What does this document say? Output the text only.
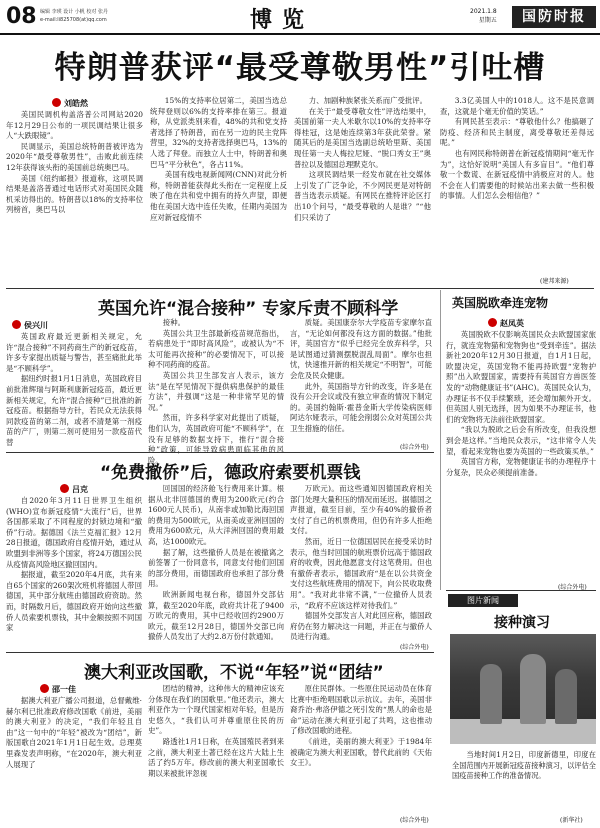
08 编辑 李瑛 设计 小帆 校对 张丹
e-mail:li825708(at)qq.com	博览	2021.1.8
星期五	国防时报
特朗普获评“最受尊敬男性”引吐槽
刘皓然

美国民调机构盖洛普公司网站2020年12月29日公布的一项民调结果让很多人“大跌眼镜”。

民调显示，美国总统特朗普被评选为2020年“最受尊敬男性”，击败此前连续12年获得该头衔的美国前总统奥巴马。

美国《纽约邮报》报道称，这项民调结果是盖洛普通过电话形式对美国民众随机采访得出的。特朗普以18%的支持率位列榜首，奥巴马以

15%的支持率位居第二，美国当选总统拜登则以6%的支持率排在第三。报道称，从党派类别来看，48%的共和党支持者选择了特朗普，而在另一边的民主党阵营里，32%的支持者选择奥巴马，13%的人选了拜登。而独立人士中，特朗普和奥巴马“平分秋色”，各占11%。

美国有线电视新闻网(CNN)对此分析称，特朗普能获得此头衔在一定程度上反映了他在共和党中拥有的持久声望，即便他在美国大选中连任失败，任期内美国为应对新冠疫情不

力、加剧种族紧张关系而广受批评。

在关于“最受尊敬女性”评选结果中，美国前第一夫人米歇尔以10%的支持率夺得桂冠，这是她连续第3年获此荣誉。紧随其后的是美国当选副总统哈里斯、美国现任第一夫人梅拉尼娅、“脱口秀女王”奥普拉以及德国总理默克尔。

这项民调结果一经发布就在社交媒体上引发了广泛争论，不少网民更是对特朗普当选表示质疑。有网民在推特评论区打出10个问号，“最受尊敬的人是谁？”“他们只采访了

3.3亿美国人中的1018人。这不是民意调查，这就是个毫无价值的笑话。”

有网民甚至表示：“尊敬他什么？他搞砸了防疫、经济和民主制度，离受尊敬还差得远呢。”

也有网民称特朗普在新冠疫情期间“毫无作为”，这恰好说明“美国人有多盲目”。“他们尊敬一个数谎、在新冠疫情中消极应对的人。他不会在人们需要他的时候站出来去做一些积极的事情。人们怎么会相信他？”

(建邦来源)
英国允许“混合接种” 专家斥责不顾科学
侯兴川

英国政府最近更新相关规定，允许“混合接种”不同药商生产的新冠疫苗，许多专家提出质疑与警告，甚至痛批此举是“不顾科学”。

据纽约时报1月1日消息，英国政府目前批准辉瑞与阿斯利康新冠疫苗，最近更新相关规定，允许“混合接种”已批准的新冠疫苗。根据指导方针，若民众无法获得同款疫苗的第二剂，或者不清楚第一剂疫苗的产厂，则第二剂可使用另一款疫苗代替

接种。

英国公共卫生部最新疫苗规范指出，若病患处于“即时高风险”，或被认为“不太可能再次接种”的必要情况下，可以接种不同药商的疫苗。

英国公共卫生部发言人表示，该方法“是在罕见情况下提供病患保护的最佳方法”，并强调“这是一种非常罕见的情况。”

然而，许多科学家对此提出了质疑，他们认为，英国政府可能“不顾科学”，在没有足够的数据支持下，推行“混合接种”政策，可能导致病患面临其他的风险。

质疑。美国康奈尔大学疫苗专家摩尔直言，“无论如何都没有这方面的数据。”他批评，英国官方“似乎已经完全放弃科学，只是试图通过猜测摆脱混乱局面”。摩尔也担忧，快速推开新的相关规定“不明智”，可能会危及民众健康。

此外，英国指导方针的改变，许多是在没有公开会议或没有独立审查的情况下制定的。美国约翰斯·霍普金斯大学传染病医师阿达尔娅表示，可能会削弱公众对英国公共卫生措施的信任。

(综合外电)
英国脱欧牵连宠物
赵凤英

英国脱欧不仅影响英国民众去欧盟国家旅行，就连宠物猫和宠物狗也“受到牵连”。据法新社2020年12月30日报道，自1月1日起，欧盟决定，英国宠物不能再持欧盟“宠物护照”出入欧盟国家，需要持有英国官方兽医签发的“动物健康证书”(AHC)。英国民众认为，办理证书不仅手续繁琐，还会增加额外开支。但英国人别无选择，因为如果不办理证书，他们的宠物将无法前往欧盟国家。

“我以为脱欧之后会有所改变，但我没想到会是这样。”当地民众表示，“这非常令人失望，看起来宠物也要为英国的一些政策买单。”

英国官方称，宠物健康证书的办理程序十分复杂，民众必须提前准备。

(综合外电)
“免费撤侨”后，德政府索要机票钱
吕克

自2020年3月11日世界卫生组织(WHO)宣布新冠疫情“大流行”后，世界各国都采取了不同程度的封锁边境和“撤侨”行动。据德国《法兰克福汇报》12月28日报道，德国政府自疫情开始，通过从欧盟到非洲等多个国家，将24万德国公民从疫情高风险地区撤回国内。

据报道，截至2020年4月底，共有来自65个国家的260架次班机将德国人带回德国，其中部分航班由德国政府资助。然而，时隔数月后，德国政府开始向这些撤侨人员索要机票钱，其中金额按照不同国家

回国国的经济舱飞行费用来计算。根据从北非回德国的费用为200欧元(约合1600元人民币)，从南非或加勒比海回国的费用为500欧元，从南美或亚洲回国的费用为600欧元，从大洋洲回国的费用最高，达1000欧元。

据了解，这些撤侨人员是在被撤离之前签署了一份同意书，同意支付他们回国的部分费用，而德国政府也承担了部分费用。

欧洲新闻电视台称，德国外交部估算，截至2020年底，政府共计花了9400万欧元的费用，其中已经收回约2900万欧元，截至12月28日，德国外交部已向撤侨人员发出了大约2.8万份付款通知。

万欧元)。而这些通知因德国政府相关部门处理大量积压的情况而延迟。据德国之声报道，截至目前，至少有40%的撤侨者支付了自己的机票费用，但仍有许多人拒绝支付。

然而，近日一位德国居民在接受采访时表示，他当时回国的航班票价远高于德国政府的收费，因此他愿意支付这笔费用。但也有撤侨者表示，德国政府“是在以公共资金支付这些航班费用的情况下，向公民收取费用”。“我对此非常不满，”一位撤侨人员表示，“政府不应该这样对待我们。”

德国外交部发言人对此回应称，德国政府仍在努力解决这一问题，并正在与撤侨人员进行沟通。

(综合外电)
澳大利亚改国歌，不说“年轻”说“团结”
邵一佳

据澳大利亚广播公司报道，总督戴维·赫尔利已批准政府修改国歌《前进，美丽的澳大利亚》的决定，“我们年轻且自由”这一句中的“年轻”被改为“团结”，新版国歌自2021年1月1日起生效。总理莫里森发表声明称，“在2020年，澳大利亚人展现了

团结的精神，这种伟大的精神应该充分体现在我们的国歌里。”他还表示，澳大利亚作为一个现代国家相对年轻，但是历史悠久，“我们认可并尊重原住民的历史”。

路透社1月1日称，在英国殖民者到来之前，澳大利亚土著已经在这片大陆上生活了约5万年。修改前的澳大利亚国歌长期以来被批评忽视

原住民群体。一些原住民运动员在体育比赛中拒绝唱国歌以示抗议。去年，美国非裔乔治·弗洛伊德之死引发的“黑人的命也是命”运动在澳大利亚引起了共鸣，这也推动了修改国歌的进程。

《前进，美丽的澳大利亚》于1984年被确定为澳大利亚国歌，替代此前的《天佑女王》。

(综合外电)
图片新闻
接种演习

当地时间1月2日，印度新德里，印度在全国范围内开展新冠疫苗接种演习，以评估全国疫苗接种工作的准备情况。

(新华社)
